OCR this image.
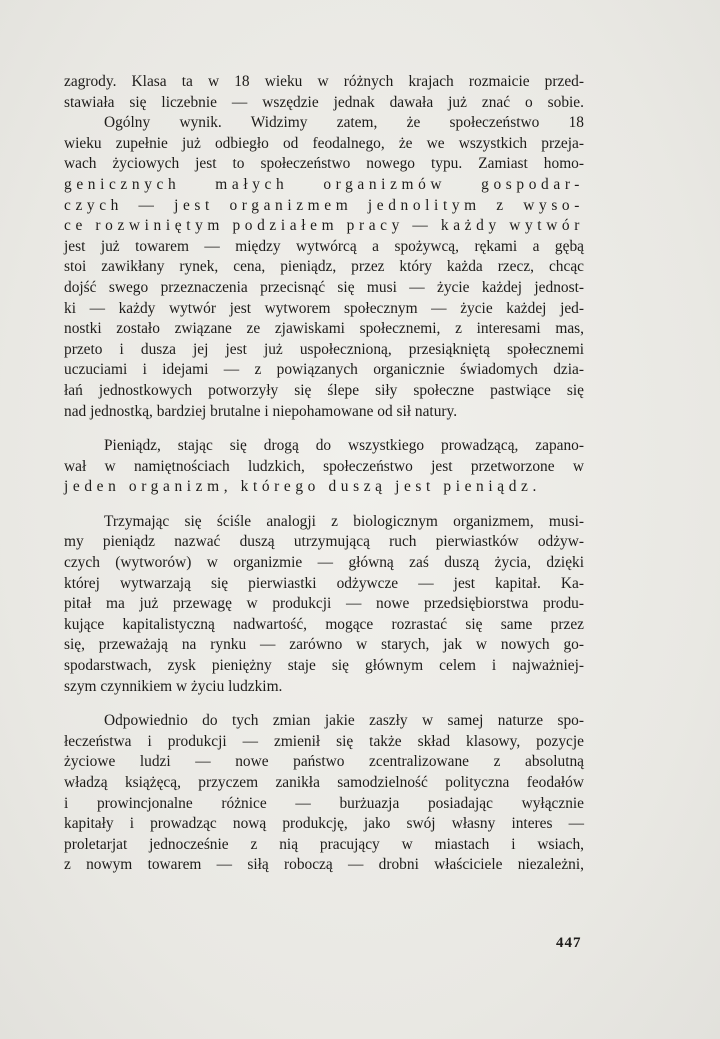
zagrody. Klasa ta w 18 wieku w różnych krajach rozmaicie przed-
stawiała się liczebnie — wszędzie jednak dawała już znać o sobie.
Ogólny wynik. Widzimy zatem, że społeczeństwo 18
wieku zupełnie już odbiegło od feodalnego, że we wszystkich przeja-
wach życiowych jest to społeczeństwo nowego typu. Zamiast homo-
genicznych małych organizmów gospodar-
czych — jest organizmem jednolitym z wyso-
ce rozwiniętym podziałem pracy — każdy wytwór
jest już towarem — między wytwórcą a spożywcą, rękami a gębą
stoi zawikłany rynek, cena, pieniądz, przez który każda rzecz, chcąc
dojść swego przeznaczenia przecisnąć się musi — życie każdej jednost-
ki — każdy wytwór jest wytworem społecznym — życie każdej jed-
nostki zostało związane ze zjawiskami społecznemi, z interesami mas,
przeto i dusza jej jest już uspołecznioną, przesiąkniętą społecznemi
uczuciami i idejami — z powiązanych organicznie świadomych dzia-
łań jednostkowych potworzyły się ślepe siły społeczne pastwiące się
nad jednostką, bardziej brutalne i niepohamowane od sił natury.
Pieniądz, stając się drogą do wszystkiego prowadzącą, zapano-
wał w namiętnościach ludzkich, społeczeństwo jest przetworzone w
jeden organizm, którego duszą jest pieniądz.
Trzymając się ściśle analogji z biologicznym organizmem, musi-
my pieniądz nazwać duszą utrzymującą ruch pierwiastków odżyw-
czych (wytworów) w organizmie — główną zaś duszą życia, dzięki
której wytwarzają się pierwiastki odżywcze — jest kapitał. Ka-
pitał ma już przewagę w produkcji — nowe przedsiębiorstwa produ-
kujące kapitalistyczną nadwartość, mogące rozrastać się same przez
się, przeważają na rynku — zarówno w starych, jak w nowych go-
spodarstwach, zysk pieniężny staje się głównym celem i najważniej-
szym czynnikiem w życiu ludzkim.
Odpowiednio do tych zmian jakie zaszły w samej naturze spo-
łeczeństwa i produkcji — zmienił się także skład klasowy, pozycje
życiowe ludzi — nowe państwo zcentralizowane z absolutną
władzą książęcą, przyczem zanikła samodzielność polityczna feodałów
i prowincjonalne różnice — burżuazja posiadając wyłącznie
kapitały i prowadząc nową produkcję, jako swój własny interes —
proletarjat jednocześnie z nią pracujący w miastach i wsiach,
z nowym towarem — siłą roboczą — drobni właściciele niezależni,
447
